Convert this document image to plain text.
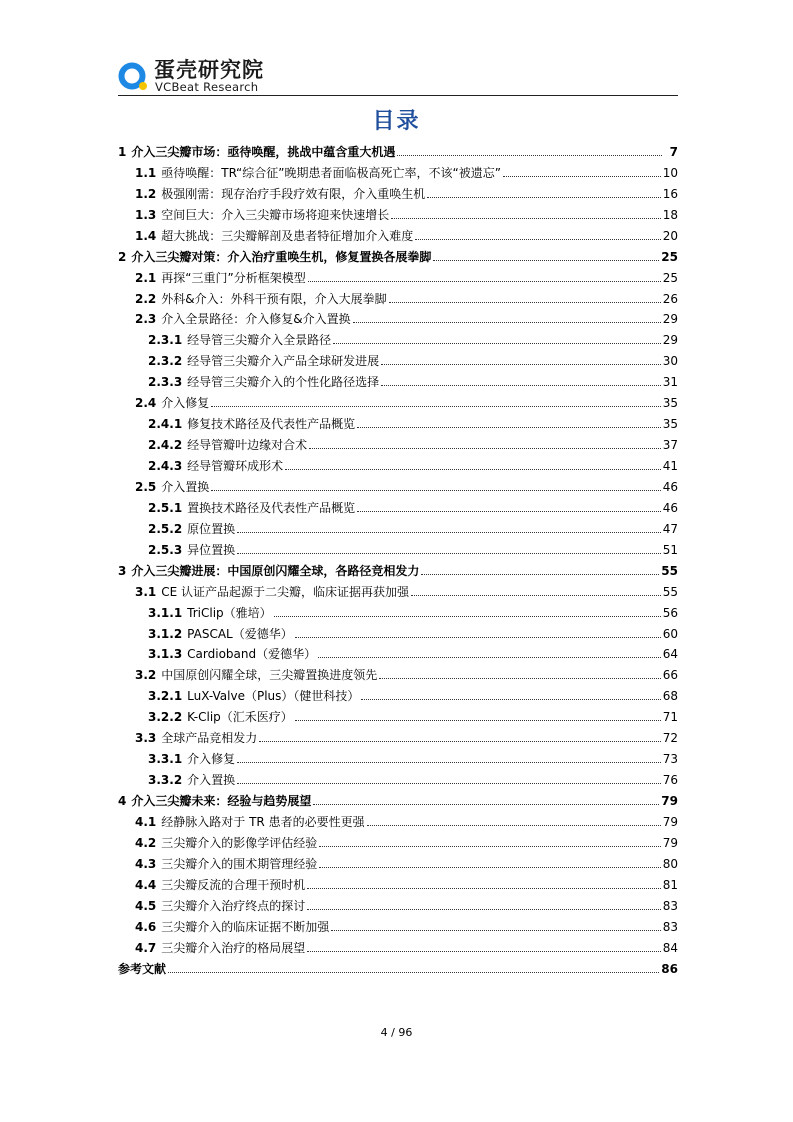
蛋壳研究院
VCBeat Research
目录
1 介入三尖瓣市场：亟待唤醒，挑战中蕴含重大机遇	7
1.1 亟待唤醒：TR“综合征”晚期患者面临极高死亡率，不该“被遗忘”	10
1.2 极强刚需：现存治疗手段疗效有限，介入重唤生机	16
1.3 空间巨大：介入三尖瓣市场将迎来快速增长	18
1.4 超大挑战：三尖瓣解剖及患者特征增加介入难度	20
2 介入三尖瓣对策：介入治疗重唤生机，修复置换各展拳脚	25
2.1 再探“三重门”分析框架模型	25
2.2 外科&介入：外科干预有限，介入大展拳脚	26
2.3 介入全景路径：介入修复&介入置换	29
2.3.1 经导管三尖瓣介入全景路径	29
2.3.2 经导管三尖瓣介入产品全球研发进展	30
2.3.3 经导管三尖瓣介入的个性化路径选择	31
2.4 介入修复	35
2.4.1 修复技术路径及代表性产品概览	35
2.4.2 经导管瓣叶边缘对合术	37
2.4.3 经导管瓣环成形术	41
2.5 介入置换	46
2.5.1 置换技术路径及代表性产品概览	46
2.5.2 原位置换	47
2.5.3 异位置换	51
3 介入三尖瓣进展：中国原创闪耀全球，各路径竞相发力	55
3.1 CE 认证产品起源于二尖瓣，临床证据再获加强	55
3.1.1 TriClip（雅培）	56
3.1.2 PASCAL（爱德华）	60
3.1.3 Cardioband（爱德华）	64
3.2 中国原创闪耀全球，三尖瓣置换进度领先	66
3.2.1 LuX-Valve（Plus）（健世科技）	68
3.2.2 K-Clip（汇禾医疗）	71
3.3 全球产品竞相发力	72
3.3.1 介入修复	73
3.3.2 介入置换	76
4 介入三尖瓣未来：经验与趋势展望	79
4.1 经静脉入路对于 TR 患者的必要性更强	79
4.2 三尖瓣介入的影像学评估经验	79
4.3 三尖瓣介入的围术期管理经验	80
4.4 三尖瓣反流的合理干预时机	81
4.5 三尖瓣介入治疗终点的探讨	83
4.6 三尖瓣介入的临床证据不断加强	83
4.7 三尖瓣介入治疗的格局展望	84
参考文献	86
4 / 96
